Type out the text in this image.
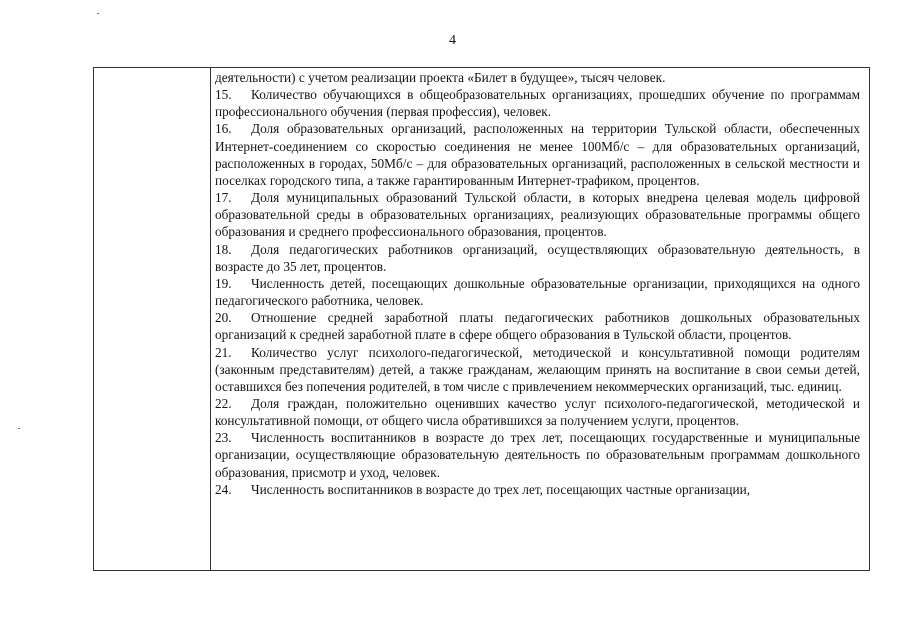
4

деятельности) с учетом реализации проекта «Билет в будущее», тысяч человек.

15. Количество обучающихся в общеобразовательных организациях, прошедших обучение по программам профессионального обучения (первая профессия), человек.

16. Доля образовательных организаций, расположенных на территории Тульской области, обеспеченных Интернет-соединением со скоростью соединения не менее 100Мб/с – для образовательных организаций, расположенных в городах, 50Мб/с – для образовательных организаций, расположенных в сельской местности и поселках городского типа, а также гарантированным Интернет-трафиком, процентов.

17. Доля муниципальных образований Тульской области, в которых внедрена целевая модель цифровой образовательной среды в образовательных организациях, реализующих образовательные программы общего образования и среднего профессионального образования, процентов.

18. Доля педагогических работников организаций, осуществляющих образовательную деятельность, в возрасте до 35 лет, процентов.

19. Численность детей, посещающих дошкольные образовательные организации, приходящихся на одного педагогического работника, человек.

20. Отношение средней заработной платы педагогических работников дошкольных образовательных организаций к средней заработной плате в сфере общего образования в Тульской области, процентов.

21. Количество услуг психолого-педагогической, методической и консультативной помощи родителям (законным представителям) детей, а также гражданам, желающим принять на воспитание в свои семьи детей, оставшихся без попечения родителей, в том числе с привлечением некоммерческих организаций, тыс. единиц.

22. Доля граждан, положительно оценивших качество услуг психолого-педагогической, методической и консультативной помощи, от общего числа обратившихся за получением услуги, процентов.

23. Численность воспитанников в возрасте до трех лет, посещающих государственные и муниципальные организации, осуществляющие образовательную деятельность по образовательным программам дошкольного образования, присмотр и уход, человек.

24. Численность воспитанников в возрасте до трех лет, посещающих частные организации,
